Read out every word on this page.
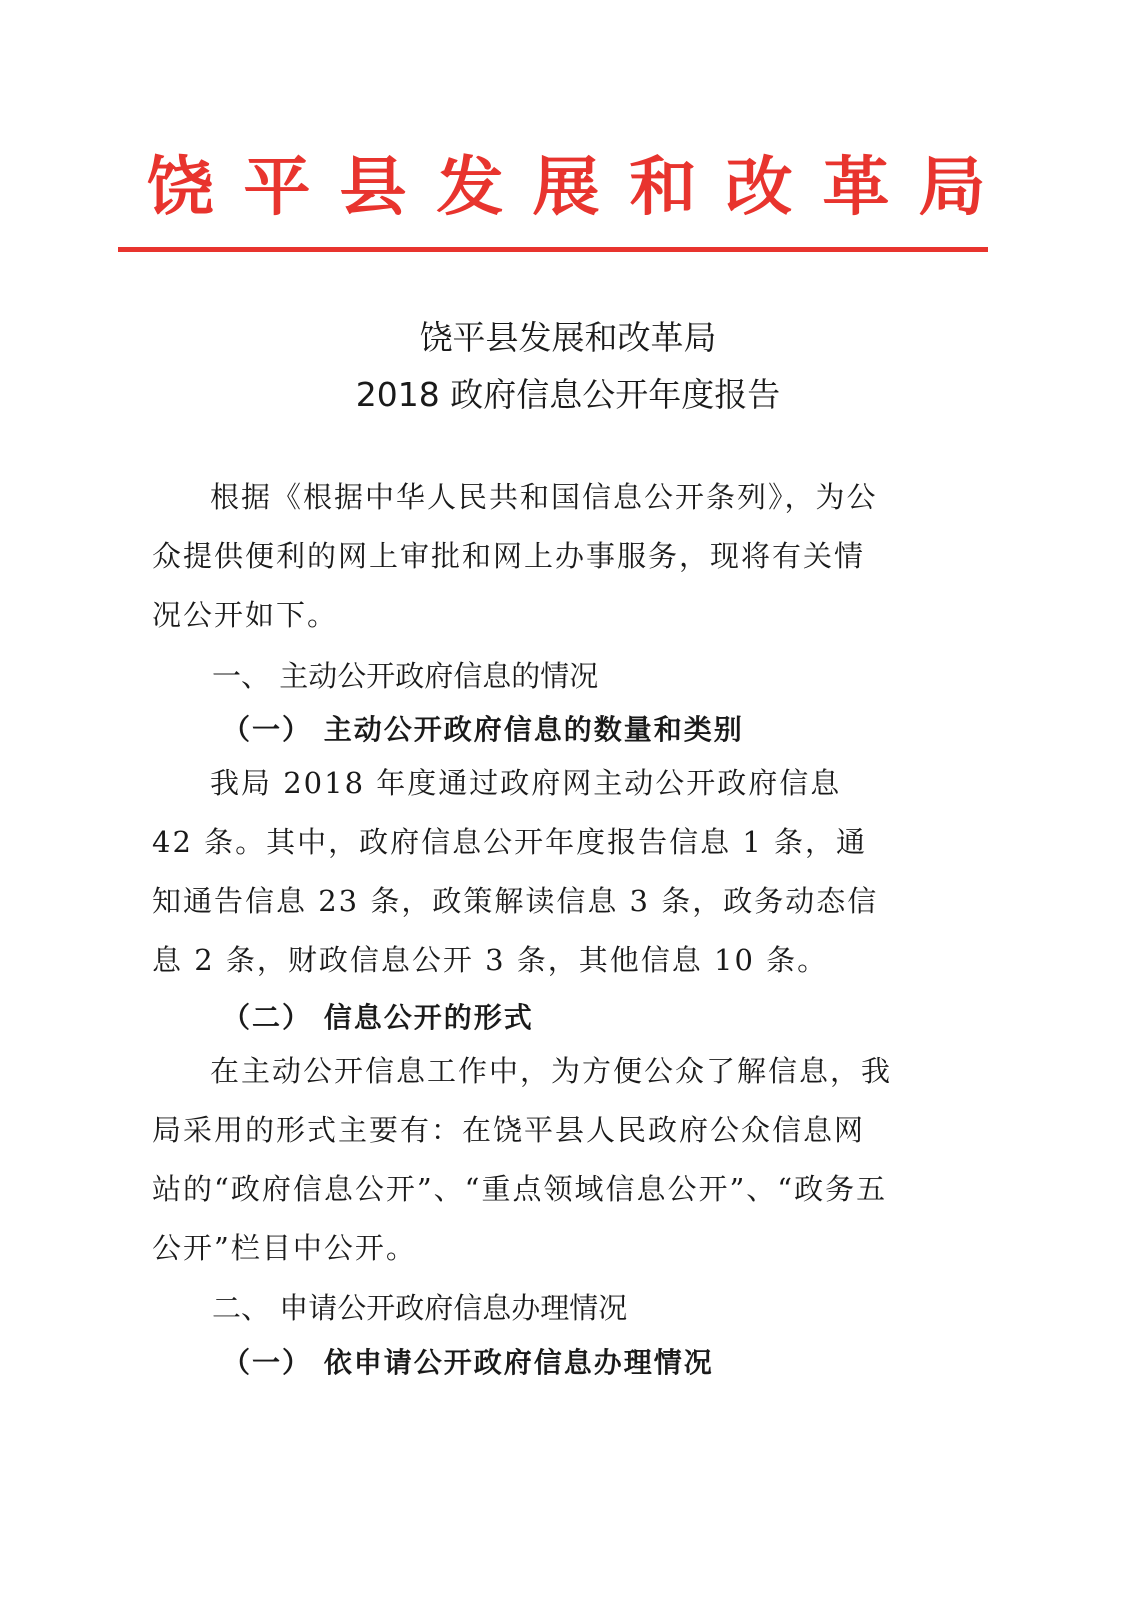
饶 平 县 发 展 和 改 革 局
饶平县发展和改革局
2018 政府信息公开年度报告
根据《根据中华人民共和国信息公开条列》，为公众提供便利的网上审批和网上办事服务，现将有关情况公开如下。
一、 主动公开政府信息的情况
（一） 主动公开政府信息的数量和类别
我局 2018 年度通过政府网主动公开政府信息 42 条。其中，政府信息公开年度报告信息 1 条，通知通告信息 23 条，政策解读信息 3 条，政务动态信息 2 条，财政信息公开 3 条，其他信息 10 条。
（二） 信息公开的形式
在主动公开信息工作中，为方便公众了解信息，我局采用的形式主要有：在饶平县人民政府公众信息网站的“政府信息公开”、“重点领域信息公开”、“政务五公开”栏目中公开。
二、 申请公开政府信息办理情况
（一） 依申请公开政府信息办理情况
